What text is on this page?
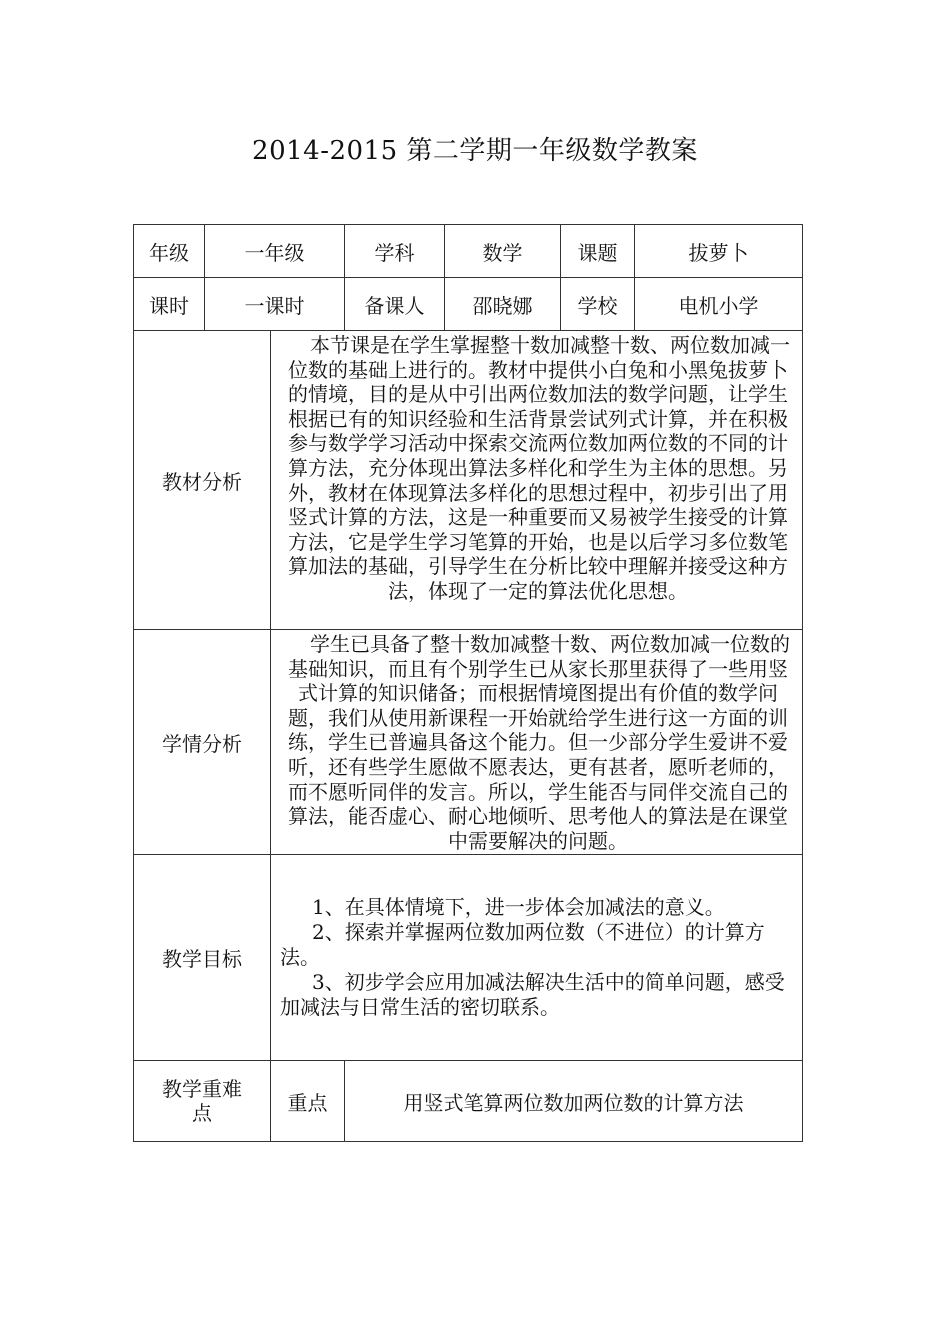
2014-2015 第二学期一年级数学教案
年级	一年级		学科	数学	课题 拔萝卜

课时	一课时		备课人	邵晓娜	学校 电机小学

教材分析		本节课是在学生掌握整十数加减整十数、两位数加减一位数的基础上进行的。教材中提供小白兔和小黑兔拔萝卜的情境，目的是从中引出两位数加法的数学问题，让学生根据已有的知识经验和生活背景尝试列式计算，并在积极参与数学学习活动中探索交流两位数加两位数的不同的计算方法，充分体现出算法多样化和学生为主体的思想。另外，教材在体现算法多样化的思想过程中，初步引出了用竖式计算的方法，这是一种重要而又易被学生接受的计算方法，它是学生学习笔算的开始，也是以后学习多位数笔算加法的基础，引导学生在分析比较中理解并接受这种方法，体现了一定的算法优化思想。			
学情分析		学生已具备了整十数加减整十数、两位数加减一位数的基础知识，而且有个别学生已从家长那里获得了一些用竖式计算的知识储备；而根据情境图提出有价值的数学问题，我们从使用新课程一开始就给学生进行这一方面的训练，学生已普遍具备这个能力。但一少部分学生爱讲不爱听，还有些学生愿做不愿表达，更有甚者，愿听老师的，而不愿听同伴的发言。所以，学生能否与同伴交流自己的算法，能否虚心、耐心地倾听、思考他人的算法是在课堂中需要解决的问题。			
教学目标		1、在具体情境下，进一步体会加减法的意义。

2、探索并掌握两位数加两位数（不进位）的计算方法。

3、初步学会应用加减法解决生活中的简单问题，感受加减法与日常生活的密切联系。			

教学重难点		重点	用竖式笔算两位数加两位数的计算方法		
